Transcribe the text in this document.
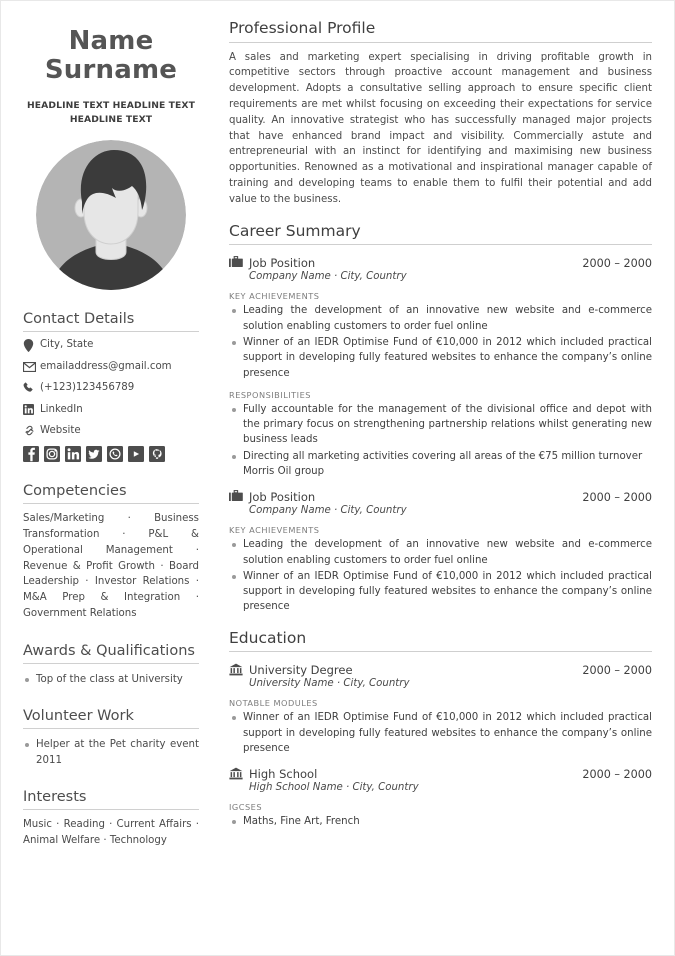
Name
Surname
HEADLINE TEXT HEADLINE TEXT HEADLINE TEXT
Contact Details
City, State
emailaddress@gmail.com
(+123)123456789
LinkedIn
Website
Competencies

Sales/Marketing · Business Transformation · P&L & Operational Management · Revenue & Profit Growth · Board Leadership · Investor Relations · M&A Prep & Integration · Government Relations

Awards & Qualifications
Top of the class at University
Volunteer Work
Helper at the Pet charity event 2011
Interests

Music · Reading · Current Affairs · Animal Welfare · Technology

Professional Profile

A sales and marketing expert specialising in driving profitable growth in competitive sectors through proactive account management and business development. Adopts a consultative selling approach to ensure specific client requirements are met whilst focusing on exceeding their expectations for service quality. An innovative strategist who has successfully managed major projects that have enhanced brand impact and visibility. Commercially astute and entrepreneurial with an instinct for identifying and maximising new business opportunities. Renowned as a motivational and inspirational manager capable of training and developing teams to enable them to fulfil their potential and add value to the business.

Career Summary
Job Position	2000 – 2000
Company Name · City, Country
KEY ACHIEVEMENTS
Leading the development of an innovative new website and e-commerce solution enabling customers to order fuel online
Winner of an IEDR Optimise Fund of €10,000 in 2012 which included practical support in developing fully featured websites to enhance the company’s online presence
RESPONSIBILITIES
Fully accountable for the management of the divisional office and depot with the primary focus on strengthening partnership relations whilst generating new business leads
Directing all marketing activities covering all areas of the €75 million turnover Morris Oil group
Job Position	2000 – 2000
Company Name · City, Country
KEY ACHIEVEMENTS
Leading the development of an innovative new website and e-commerce solution enabling customers to order fuel online
Winner of an IEDR Optimise Fund of €10,000 in 2012 which included practical support in developing fully featured websites to enhance the company’s online presence
Education
University Degree	2000 – 2000
University Name · City, Country
NOTABLE MODULES
Winner of an IEDR Optimise Fund of €10,000 in 2012 which included practical support in developing fully featured websites to enhance the company’s online presence
High School	2000 – 2000
High School Name · City, Country
IGCSES
Maths, Fine Art, French
